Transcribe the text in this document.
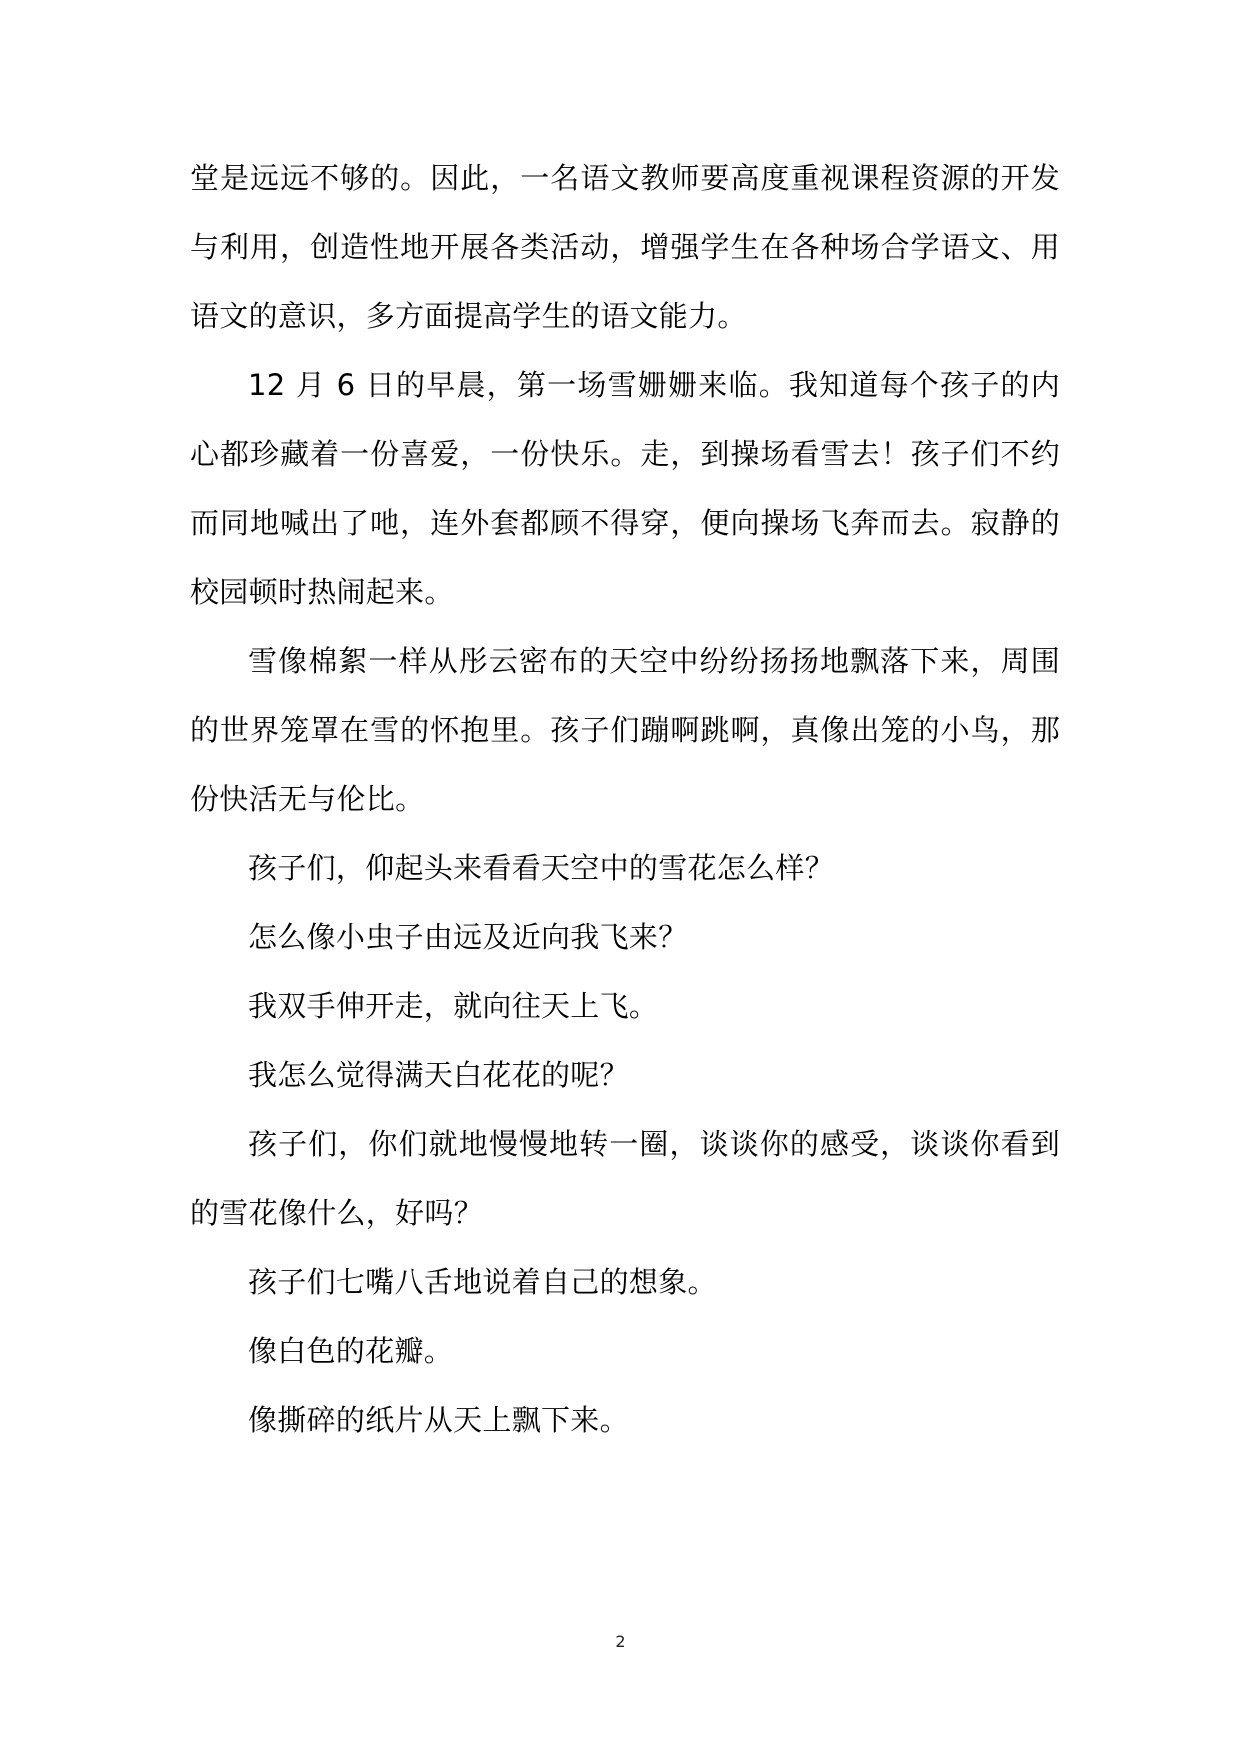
堂是远远不够的。因此，一名语文教师要高度重视课程资源的开发与利用，创造性地开展各类活动，增强学生在各种场合学语文、用语文的意识，多方面提高学生的语文能力。

12 月 6 日的早晨，第一场雪姗姗来临。我知道每个孩子的内心都珍藏着一份喜爱，一份快乐。走，到操场看雪去！孩子们不约而同地喊出了吔，连外套都顾不得穿，便向操场飞奔而去。寂静的校园顿时热闹起来。

雪像棉絮一样从彤云密布的天空中纷纷扬扬地飘落下来，周围的世界笼罩在雪的怀抱里。孩子们蹦啊跳啊，真像出笼的小鸟，那份快活无与伦比。

孩子们，仰起头来看看天空中的雪花怎么样？

怎么像小虫子由远及近向我飞来？

我双手伸开走，就向往天上飞。

我怎么觉得满天白花花的呢？

孩子们，你们就地慢慢地转一圈，谈谈你的感受，谈谈你看到的雪花像什么，好吗？

孩子们七嘴八舌地说着自己的想象。

像白色的花瓣。

像撕碎的纸片从天上飘下来。

2
